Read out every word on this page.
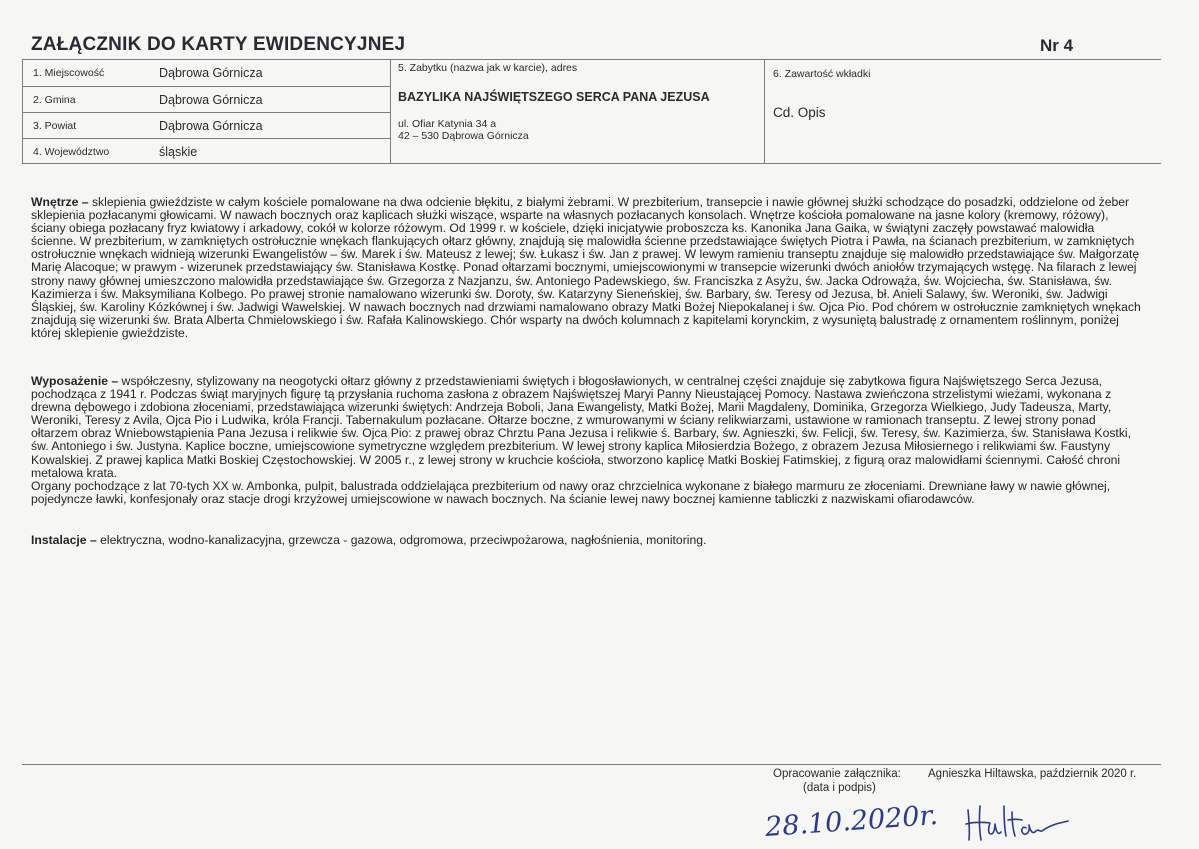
ZAŁĄCZNIK DO KARTY EWIDENCYJNEJ	Nr 4
1. Miejscowość	Dąbrowa Górnicza
2. Gmina	Dąbrowa Górnicza
3. Powiat	Dąbrowa Górnicza
4. Województwo	śląskie
5. Zabytku (nazwa jak w karcie), adres
BAZYLIKA NAJŚWIĘTSZEGO SERCA PANA JEZUSA
ul. Ofiar Katynia 34 a
42 – 530 Dąbrowa Górnicza
6. Zawartość wkładki
Cd. Opis

Wnętrze – sklepienia gwieździste w całym kościele pomalowane na dwa odcienie błękitu, z białymi żebrami. W prezbiterium, transepcie i nawie głównej służki schodzące do posadzki, oddzielone od żeber sklepienia pozłacanymi głowicami. W nawach bocznych oraz kaplicach służki wiszące, wsparte na własnych pozłacanych konsolach. Wnętrze kościoła pomalowane na jasne kolory (kremowy, różowy), ściany obiega pozłacany fryz kwiatowy i arkadowy, cokół w kolorze różowym. Od 1999 r. w kościele, dzięki inicjatywie proboszcza ks. Kanonika Jana Gaika, w świątyni zaczęły powstawać malowidła ścienne. W prezbiterium, w zamkniętych ostrołucznie wnękach flankujących ołtarz główny, znajdują się malowidła ścienne przedstawiające świętych Piotra i Pawła, na ścianach prezbiterium, w zamkniętych ostrołucznie wnękach widnieją wizerunki Ewangelistów – św. Marek i św. Mateusz z lewej; św. Łukasz i św. Jan z prawej. W lewym ramieniu transeptu znajduje się malowidło przedstawiające św. Małgorzatę Marię Alacoque; w prawym - wizerunek przedstawiający św. Stanisława Kostkę. Ponad ołtarzami bocznymi, umiejscowionymi w transepcie wizerunki dwóch aniołów trzymających wstęgę. Na filarach z lewej strony nawy głównej umieszczono malowidła przedstawiające św. Grzegorza z Nazjanzu, św. Antoniego Padewskiego, św. Franciszka z Asyżu, św. Jacka Odrowąża, św. Wojciecha, św. Stanisława, św. Kazimierza i św. Maksymiliana Kolbego. Po prawej stronie namalowano wizerunki św. Doroty, św. Katarzyny Sieneńskiej, św. Barbary, św. Teresy od Jezusa, bł. Anieli Salawy, św. Weroniki, św. Jadwigi Śląskiej, św. Karoliny Kózkównej i św. Jadwigi Wawelskiej. W nawach bocznych nad drzwiami namalowano obrazy Matki Bożej Niepokalanej i św. Ojca Pio. Pod chórem w ostrołucznie zamkniętych wnękach znajdują się wizerunki św. Brata Alberta Chmielowskiego i św. Rafała Kalinowskiego. Chór wsparty na dwóch kolumnach z kapitelami korynckim, z wysuniętą balustradę z ornamentem roślinnym, poniżej której sklepienie gwieździste.

Wyposażenie – współczesny, stylizowany na neogotycki ołtarz główny z przedstawieniami świętych i błogosławionych, w centralnej części znajduje się zabytkowa figura Najświętszego Serca Jezusa, pochodząca z 1941 r. Podczas świąt maryjnych figurę tą przysłania ruchoma zasłona z obrazem Najświętszej Maryi Panny Nieustającej Pomocy. Nastawa zwieńczona strzelistymi wieżami, wykonana z drewna dębowego i zdobiona złoceniami, przedstawiająca wizerunki świętych: Andrzeja Boboli, Jana Ewangelisty, Matki Bożej, Marii Magdaleny, Dominika, Grzegorza Wielkiego, Judy Tadeusza, Marty, Weroniki, Teresy z Avila, Ojca Pio i Ludwika, króla Francji. Tabernakulum pozłacane. Ołtarze boczne, z wmurowanymi w ściany relikwiarzami, ustawione w ramionach transeptu. Z lewej strony ponad ołtarzem obraz Wniebowstąpienia Pana Jezusa i relikwie św. Ojca Pio: z prawej obraz Chrztu Pana Jezusa i relikwie ś. Barbary, św. Agnieszki, św. Felicji, św. Teresy, św. Kazimierza, św. Stanisława Kostki, św. Antoniego i św. Justyna. Kaplice boczne, umiejscowione symetryczne względem prezbiterium. W lewej strony kaplica Miłosierdzia Bożego, z obrazem Jezusa Miłosiernego i relikwiami św. Faustyny Kowalskiej. Z prawej kaplica Matki Boskiej Częstochowskiej. W 2005 r., z lewej strony w kruchcie kościoła, stworzono kaplicę Matki Boskiej Fatimskiej, z figurą oraz malowidłami ściennymi. Całość chroni metalowa krata.

Organy pochodzące z lat 70-tych XX w. Ambonka, pulpit, balustrada oddzielająca prezbiterium od nawy oraz chrzcielnica wykonane z białego marmuru ze złoceniami. Drewniane ławy w nawie głównej, pojedyncze ławki, konfesjonały oraz stacje drogi krzyżowej umiejscowione w nawach bocznych. Na ścianie lewej nawy bocznej kamienne tabliczki z nazwiskami ofiarodawców.

Instalacje – elektryczna, wodno-kanalizacyjna, grzewcza - gazowa, odgromowa, przeciwpożarowa, nagłośnienia, monitoring.

Opracowanie załącznika:
(data i podpis)
Agnieszka Hiltawska, październik 2020 r.
28.10.2020r.
